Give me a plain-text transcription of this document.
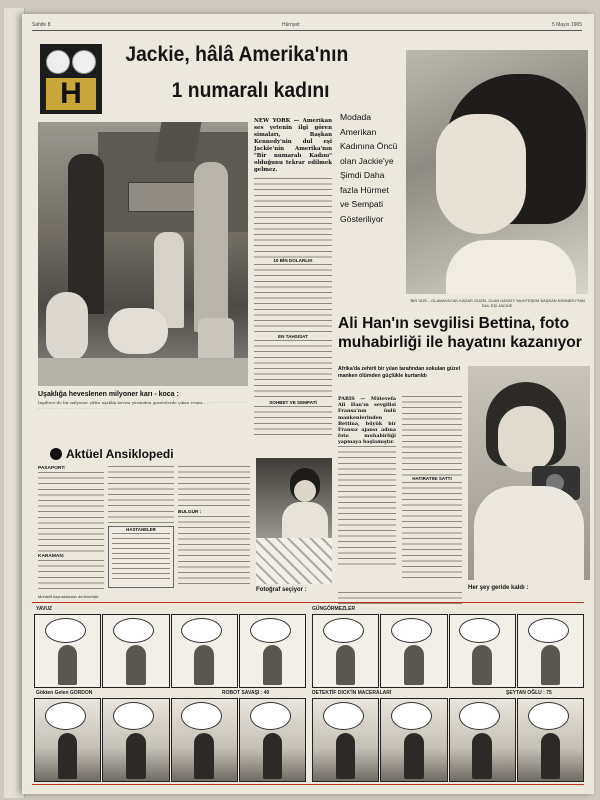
Sahife 8	Hürriyet	5 Mayıs 1965
H
Jackie, hâlâ Amerika'nın
1 numaralı kadını
Uşaklığa heveslenen milyoner karı - koca :
İngiltere'de bir milyoner çiftin uşaklık hevesi yüzünden gazetelerde çıkan resmi... ··· ··· ··· ··· ··· ··· ··· ··· ··· ··· ··· ··· ··· ··· ··· ··· ··· ··· ··· ··· ··· ··· ··· ···
NEW YORK — Amerikan ses yetenin ilgi gören simaları, Başkan Kennedy'nin dul eşi Jackie'nin Amerika'nın "Bir numaralı Kadını" olduğunu tekrar edilmek gelmez.
10 BİN DOLARLIK
EN TAHSISAT
SOHBET VE SEMPATİ
Modada Amerikan Kadınına Öncü olan Jackie'ye Şimdi Daha fazla Hürmet ve Sempati Gösteriliyor
"BİR SÜS... OLAMAYACAK KADAR GÜZEL OLAN HAYATI" MUHTEŞEM BAŞKAN KENNEDY'NİN DUL EŞİ JACKIE
Ali Han'ın sevgilisi Bettina, foto muhabirliği ile hayatını kazanıyor
Afrika'da zehirli bir yılan tarafından sokulan güzel manken ölümden güçlükle kurtarıldı
PARİS — Mütevefa Ali Han'ın sevgilisi Fransa'nın ünlü mankenlerinden Bettina, büyük bir Fransız ajansı adına foto muhabirliği yapmaya başlamıştır.
HATIRATINI SATTI
Her şey geride kaldı :
Fotoğraf seçiyor :
Aktüel Ansiklopedi
PASAPORT:
KARAMAN:
HASTANELER
BULGUR :
Muhtelif kaynaklardan derlenmiştir
YAVUZ	GÜNGÖRMEZLER
Gökten Gelen GORDON	ROBOT SAVAŞI : 40	DETEKTİF DICK'İN MACERALARI	ŞEYTAN OĞLU : 75
